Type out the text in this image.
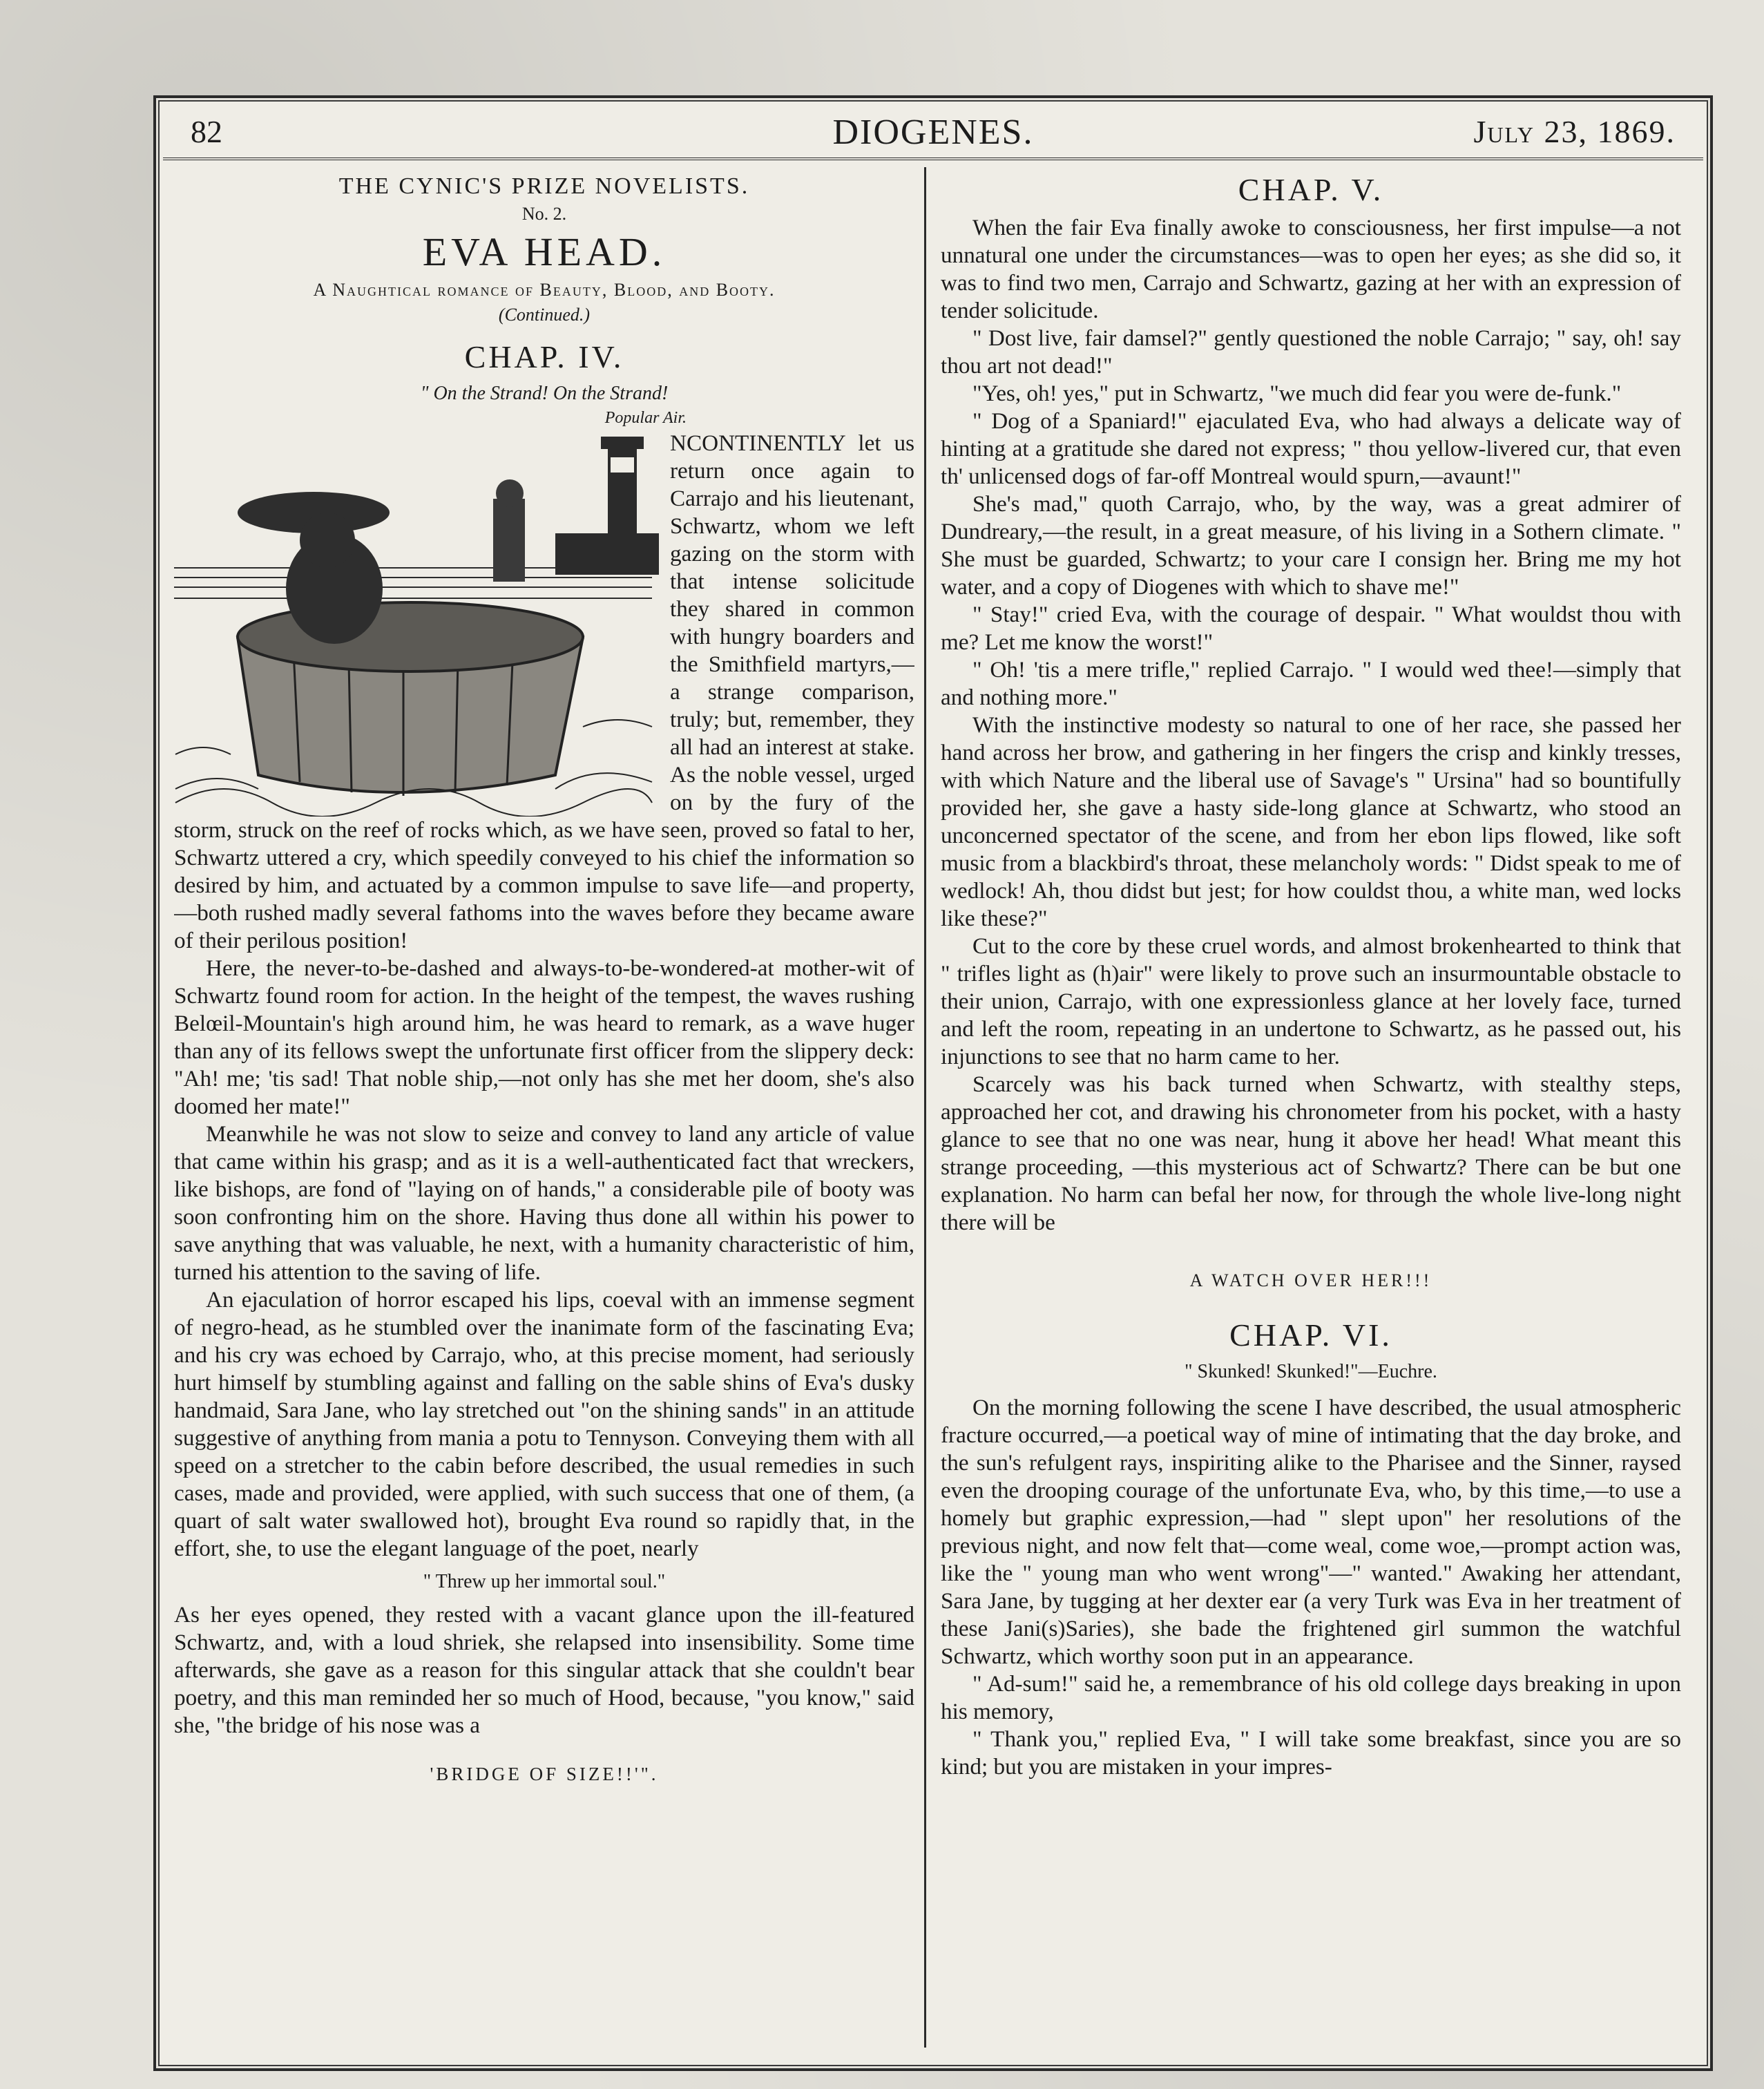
82	DIOGENES.	July 23, 1869.
THE CYNIC'S PRIZE NOVELISTS.
No. 2.
EVA HEAD.
A Naughtical romance of Beauty, Blood, and Booty.
(Continued.)
CHAP. IV.
" On the Strand! On the Strand!
Popular Air.

NCONTINENTLY let us return once again to Carrajo and his lieutenant, Schwartz, whom we left gazing on the storm with that intense solicitude they shared in common with hungry boarders and the Smithfield martyrs,—a strange comparison, truly; but, remember, they all had an interest at stake. As the noble vessel, urged on by the fury of the storm, struck on the reef of rocks which, as we have seen, proved so fatal to her, Schwartz uttered a cry, which speedily conveyed to his chief the information so desired by him, and actuated by a common impulse to save life—and property,—both rushed madly several fathoms into the waves before they became aware of their perilous position!

Here, the never-to-be-dashed and always-to-be-wondered-at mother-wit of Schwartz found room for action. In the height of the tempest, the waves rushing Belœil-Mountain's high around him, he was heard to remark, as a wave huger than any of its fellows swept the unfortunate first officer from the slippery deck: "Ah! me; 'tis sad! That noble ship,—not only has she met her doom, she's also doomed her mate!"

Meanwhile he was not slow to seize and convey to land any article of value that came within his grasp; and as it is a well-authenticated fact that wreckers, like bishops, are fond of "laying on of hands," a considerable pile of booty was soon confronting him on the shore. Having thus done all within his power to save anything that was valuable, he next, with a humanity characteristic of him, turned his attention to the saving of life.

An ejaculation of horror escaped his lips, coeval with an immense segment of negro-head, as he stumbled over the inanimate form of the fascinating Eva; and his cry was echoed by Carrajo, who, at this precise moment, had seriously hurt himself by stumbling against and falling on the sable shins of Eva's dusky handmaid, Sara Jane, who lay stretched out "on the shining sands" in an attitude suggestive of anything from mania a potu to Tennyson. Conveying them with all speed on a stretcher to the cabin before described, the usual remedies in such cases, made and provided, were applied, with such success that one of them, (a quart of salt water swallowed hot), brought Eva round so rapidly that, in the effort, she, to use the elegant language of the poet, nearly

" Threw up her immortal soul."

As her eyes opened, they rested with a vacant glance upon the ill-featured Schwartz, and, with a loud shriek, she relapsed into insensibility. Some time afterwards, she gave as a reason for this singular attack that she couldn't bear poetry, and this man reminded her so much of Hood, because, "you know," said she, "the bridge of his nose was a

'BRIDGE OF SIZE!!'".
CHAP. V.

When the fair Eva finally awoke to consciousness, her first impulse—a not unnatural one under the circumstances—was to open her eyes; as she did so, it was to find two men, Carrajo and Schwartz, gazing at her with an expression of tender solicitude.

" Dost live, fair damsel?" gently questioned the noble Carrajo; " say, oh! say thou art not dead!"

"Yes, oh! yes," put in Schwartz, "we much did fear you were de-funk."

" Dog of a Spaniard!" ejaculated Eva, who had always a delicate way of hinting at a gratitude she dared not express; " thou yellow-livered cur, that even th' unlicensed dogs of far-off Montreal would spurn,—avaunt!"

She's mad," quoth Carrajo, who, by the way, was a great admirer of Dundreary,—the result, in a great measure, of his living in a Sothern climate. " She must be guarded, Schwartz; to your care I consign her. Bring me my hot water, and a copy of Diogenes with which to shave me!"

" Stay!" cried Eva, with the courage of despair. " What wouldst thou with me? Let me know the worst!"

" Oh! 'tis a mere trifle," replied Carrajo. " I would wed thee!—simply that and nothing more."

With the instinctive modesty so natural to one of her race, she passed her hand across her brow, and gathering in her fingers the crisp and kinkly tresses, with which Nature and the liberal use of Savage's " Ursina" had so bountifully provided her, she gave a hasty side-long glance at Schwartz, who stood an unconcerned spectator of the scene, and from her ebon lips flowed, like soft music from a blackbird's throat, these melancholy words: " Didst speak to me of wedlock! Ah, thou didst but jest; for how couldst thou, a white man, wed locks like these?"

Cut to the core by these cruel words, and almost brokenhearted to think that " trifles light as (h)air" were likely to prove such an insurmountable obstacle to their union, Carrajo, with one expressionless glance at her lovely face, turned and left the room, repeating in an undertone to Schwartz, as he passed out, his injunctions to see that no harm came to her.

Scarcely was his back turned when Schwartz, with stealthy steps, approached her cot, and drawing his chronometer from his pocket, with a hasty glance to see that no one was near, hung it above her head! What meant this strange proceeding, —this mysterious act of Schwartz? There can be but one explanation. No harm can befal her now, for through the whole live-long night there will be

A WATCH OVER HER!!!
CHAP. VI.
" Skunked! Skunked!"—Euchre.

On the morning following the scene I have described, the usual atmospheric fracture occurred,—a poetical way of mine of intimating that the day broke, and the sun's refulgent rays, inspiriting alike to the Pharisee and the Sinner, raysed even the drooping courage of the unfortunate Eva, who, by this time,—to use a homely but graphic expression,—had " slept upon" her resolutions of the previous night, and now felt that—come weal, come woe,—prompt action was, like the " young man who went wrong"—" wanted." Awaking her attendant, Sara Jane, by tugging at her dexter ear (a very Turk was Eva in her treatment of these Jani(s)Saries), she bade the frightened girl summon the watchful Schwartz, which worthy soon put in an appearance.

" Ad-sum!" said he, a remembrance of his old college days breaking in upon his memory,

" Thank you," replied Eva, " I will take some breakfast, since you are so kind; but you are mistaken in your impres-
